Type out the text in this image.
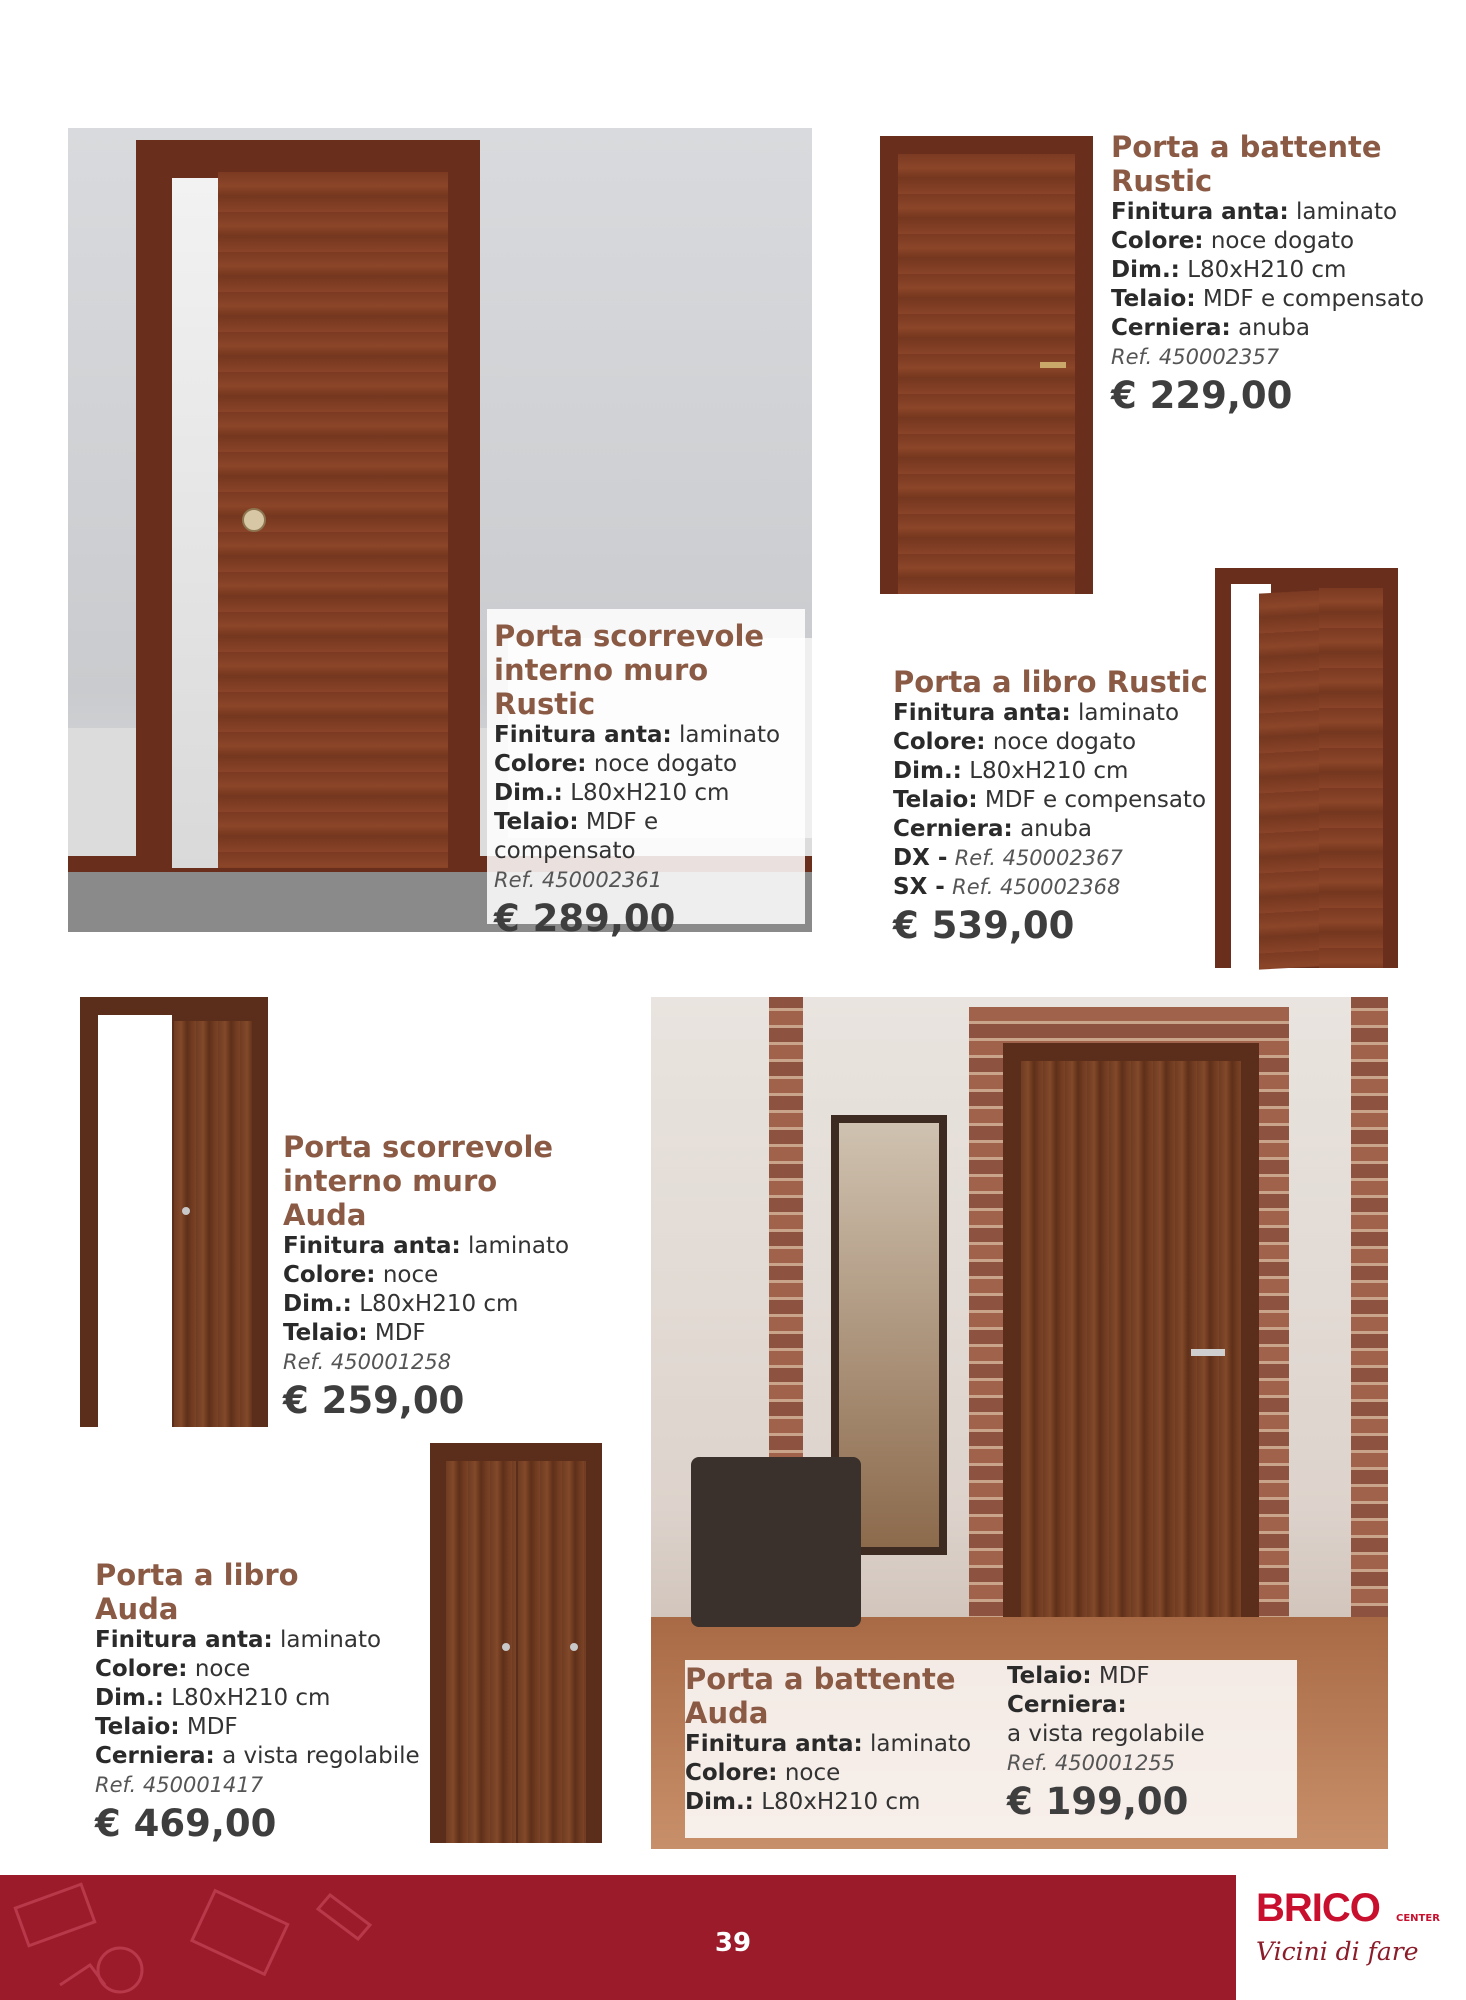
Porta scorrevole
interno muro
Rustic
Finitura anta: laminato
Colore: noce dogato
Dim.: L80xH210 cm
Telaio: MDF e compensato
Ref. 450002361
€ 289,00
Porta a battente
Rustic
Finitura anta: laminato
Colore: noce dogato
Dim.: L80xH210 cm
Telaio: MDF e compensato
Cerniera: anuba
Ref. 450002357
€ 229,00
Porta a libro Rustic
Finitura anta: laminato
Colore: noce dogato
Dim.: L80xH210 cm
Telaio: MDF e compensato
Cerniera: anuba
DX - Ref. 450002367
SX - Ref. 450002368
€ 539,00
Porta scorrevole
interno muro
Auda
Finitura anta: laminato
Colore: noce
Dim.: L80xH210 cm
Telaio: MDF
Ref. 450001258
€ 259,00
Porta a libro
Auda
Finitura anta: laminato
Colore: noce
Dim.: L80xH210 cm
Telaio: MDF
Cerniera: a vista regolabile
Ref. 450001417
€ 469,00
Porta a battente
Auda
Finitura anta: laminato
Colore: noce
Dim.: L80xH210 cm
Telaio: MDF
Cerniera:
a vista regolabile
Ref. 450001255
€ 199,00
39
BRICO	CENTER
Vicini di fare
